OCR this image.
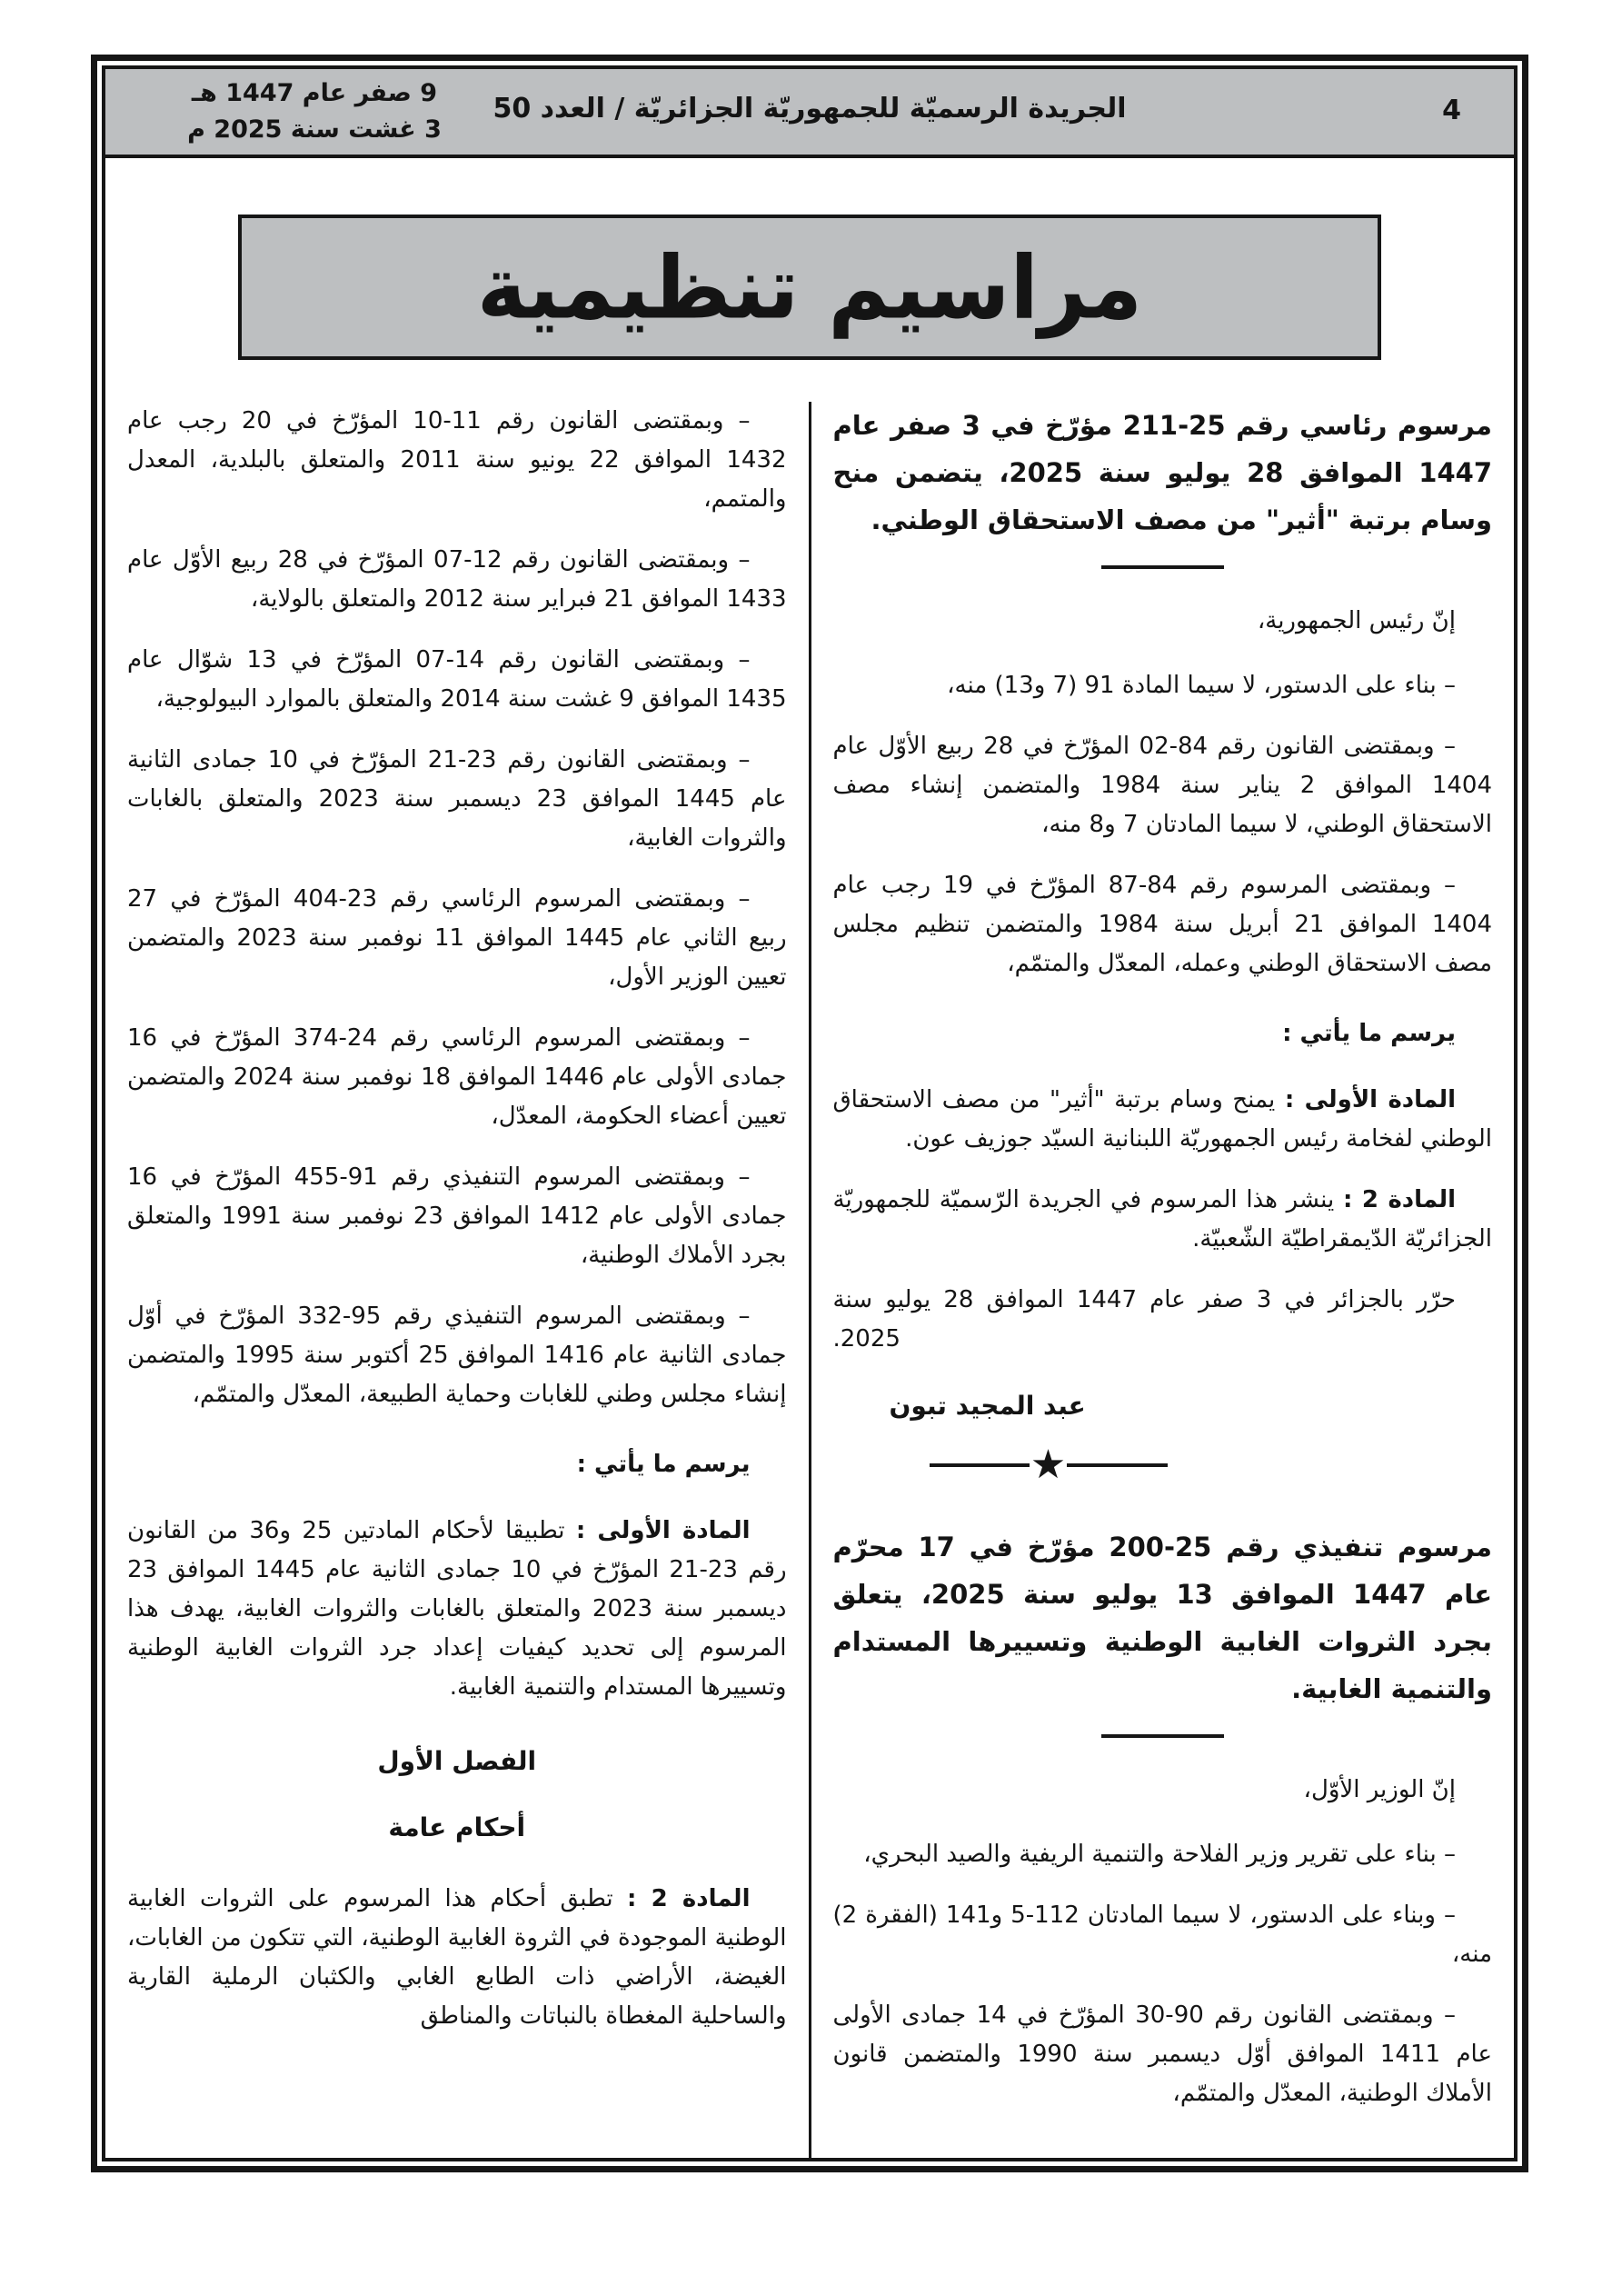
9 صفر عام 1447 هـ
3 غشت سنة 2025 م
الجريدة الرسميّة للجمهوريّة الجزائريّة / العدد 50	4
مراسيم تنظيمية

مرسوم رئاسي رقم 25-211 مؤرّخ في 3 صفر عام 1447 الموافق 28 يوليو سنة 2025، يتضمن منح وسام برتبة "أثير" من مصف الاستحقاق الوطني.

إنّ رئيس الجمهورية،

– بناء على الدستور، لا سيما المادة 91 (7 و13) منه،

– وبمقتضى القانون رقم 84-02 المؤرّخ في 28 ربيع الأوّل عام 1404 الموافق 2 يناير سنة 1984 والمتضمن إنشاء مصف الاستحقاق الوطني، لا سيما المادتان 7 و8 منه،

– وبمقتضى المرسوم رقم 84-87 المؤرّخ في 19 رجب عام 1404 الموافق 21 أبريل سنة 1984 والمتضمن تنظيم مجلس مصف الاستحقاق الوطني وعمله، المعدّل والمتمّم،

يرسم ما يأتي :

المادة الأولى : يمنح وسام برتبة "أثير" من مصف الاستحقاق الوطني لفخامة رئيس الجمهوريّة اللبنانية السيّد جوزيف عون.

المادة 2 : ينشر هذا المرسوم في الجريدة الرّسميّة للجمهوريّة الجزائريّة الدّيمقراطيّة الشّعبيّة.

حرّر بالجزائر في 3 صفر عام 1447 الموافق 28 يوليو سنة 2025.

عبد المجيد تبون

★

مرسوم تنفيذي رقم 25-200 مؤرّخ في 17 محرّم عام 1447 الموافق 13 يوليو سنة 2025، يتعلق بجرد الثروات الغابية الوطنية وتسييرها المستدام والتنمية الغابية.

إنّ الوزير الأوّل،

– بناء على تقرير وزير الفلاحة والتنمية الريفية والصيد البحري،

– وبناء على الدستور، لا سيما المادتان 112-5 و141 (الفقرة 2) منه،

– وبمقتضى القانون رقم 90-30 المؤرّخ في 14 جمادى الأولى عام 1411 الموافق أوّل ديسمبر سنة 1990 والمتضمن قانون الأملاك الوطنية، المعدّل والمتمّم،

– وبمقتضى القانون رقم 11-10 المؤرّخ في 20 رجب عام 1432 الموافق 22 يونيو سنة 2011 والمتعلق بالبلدية، المعدل والمتمم،

– وبمقتضى القانون رقم 12-07 المؤرّخ في 28 ربيع الأوّل عام 1433 الموافق 21 فبراير سنة 2012 والمتعلق بالولاية،

– وبمقتضى القانون رقم 14-07 المؤرّخ في 13 شوّال عام 1435 الموافق 9 غشت سنة 2014 والمتعلق بالموارد البيولوجية،

– وبمقتضى القانون رقم 23-21 المؤرّخ في 10 جمادى الثانية عام 1445 الموافق 23 ديسمبر سنة 2023 والمتعلق بالغابات والثروات الغابية،

– وبمقتضى المرسوم الرئاسي رقم 23-404 المؤرّخ في 27 ربيع الثاني عام 1445 الموافق 11 نوفمبر سنة 2023 والمتضمن تعيين الوزير الأول،

– وبمقتضى المرسوم الرئاسي رقم 24-374 المؤرّخ في 16 جمادى الأولى عام 1446 الموافق 18 نوفمبر سنة 2024 والمتضمن تعيين أعضاء الحكومة، المعدّل،

– وبمقتضى المرسوم التنفيذي رقم 91-455 المؤرّخ في 16 جمادى الأولى عام 1412 الموافق 23 نوفمبر سنة 1991 والمتعلق بجرد الأملاك الوطنية،

– وبمقتضى المرسوم التنفيذي رقم 95-332 المؤرّخ في أوّل جمادى الثانية عام 1416 الموافق 25 أكتوبر سنة 1995 والمتضمن إنشاء مجلس وطني للغابات وحماية الطبيعة، المعدّل والمتمّم،

يرسم ما يأتي :

المادة الأولى : تطبيقا لأحكام المادتين 25 و36 من القانون رقم 23-21 المؤرّخ في 10 جمادى الثانية عام 1445 الموافق 23 ديسمبر سنة 2023 والمتعلق بالغابات والثروات الغابية، يهدف هذا المرسوم إلى تحديد كيفيات إعداد جرد الثروات الغابية الوطنية وتسييرها المستدام والتنمية الغابية.

الفصل الأول

أحكام عامة

المادة 2 : تطبق أحكام هذا المرسوم على الثروات الغابية الوطنية الموجودة في الثروة الغابية الوطنية، التي تتكون من الغابات، الغيضة، الأراضي ذات الطابع الغابي والكثبان الرملية القارية والساحلية المغطاة بالنباتات والمناطق
